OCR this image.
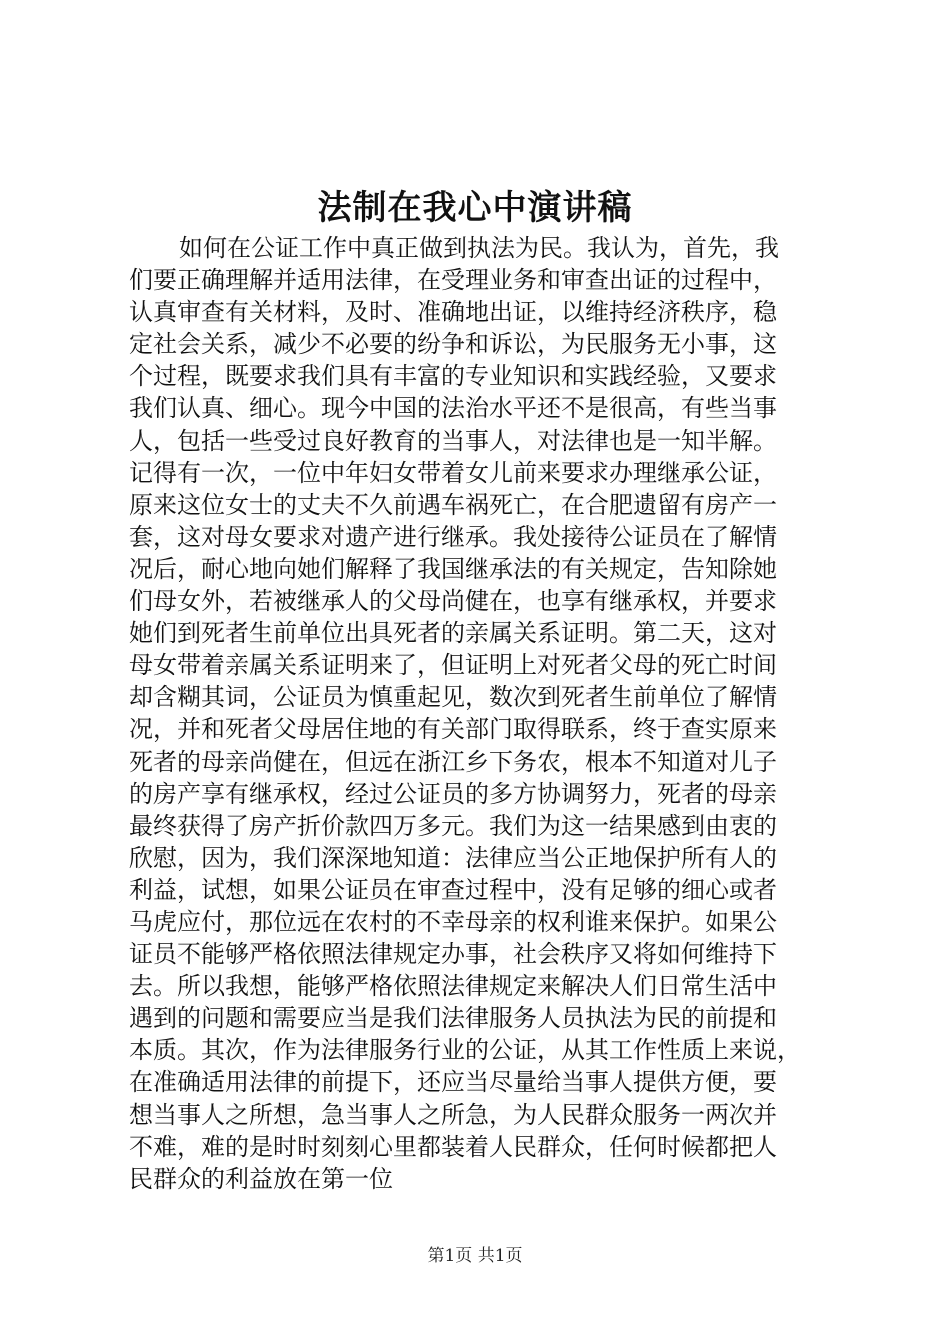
法制在我心中演讲稿
如何在公证工作中真正做到执法为民。我认为，首先，我
们要正确理解并适用法律，在受理业务和审查出证的过程中，
认真审查有关材料，及时、准确地出证，以维持经济秩序，稳
定社会关系，减少不必要的纷争和诉讼，为民服务无小事，这
个过程，既要求我们具有丰富的专业知识和实践经验，又要求
我们认真、细心。现今中国的法治水平还不是很高，有些当事
人，包括一些受过良好教育的当事人，对法律也是一知半解。
记得有一次，一位中年妇女带着女儿前来要求办理继承公证，
原来这位女士的丈夫不久前遇车祸死亡，在合肥遗留有房产一
套，这对母女要求对遗产进行继承。我处接待公证员在了解情
况后，耐心地向她们解释了我国继承法的有关规定，告知除她
们母女外，若被继承人的父母尚健在，也享有继承权，并要求
她们到死者生前单位出具死者的亲属关系证明。第二天，这对
母女带着亲属关系证明来了，但证明上对死者父母的死亡时间
却含糊其词，公证员为慎重起见，数次到死者生前单位了解情
况，并和死者父母居住地的有关部门取得联系，终于查实原来
死者的母亲尚健在，但远在浙江乡下务农，根本不知道对儿子
的房产享有继承权，经过公证员的多方协调努力，死者的母亲
最终获得了房产折价款四万多元。我们为这一结果感到由衷的
欣慰，因为，我们深深地知道：法律应当公正地保护所有人的
利益，试想，如果公证员在审查过程中，没有足够的细心或者
马虎应付，那位远在农村的不幸母亲的权利谁来保护。如果公
证员不能够严格依照法律规定办事，社会秩序又将如何维持下
去。所以我想，能够严格依照法律规定来解决人们日常生活中
遇到的问题和需要应当是我们法律服务人员执法为民的前提和
本质。其次，作为法律服务行业的公证，从其工作性质上来说，
在准确适用法律的前提下，还应当尽量给当事人提供方便，要
想当事人之所想，急当事人之所急，为人民群众服务一两次并
不难，难的是时时刻刻心里都装着人民群众，任何时候都把人
民群众的利益放在第一位
第1页 共1页
